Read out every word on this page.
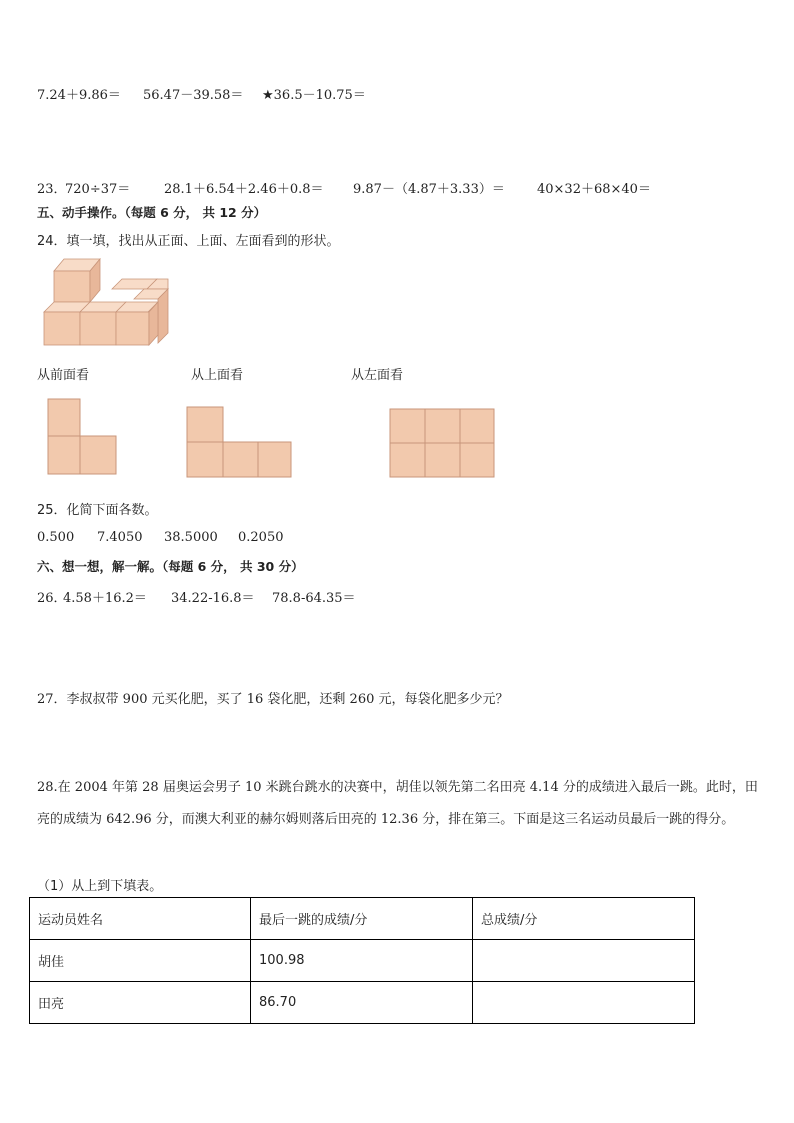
7.24＋9.86＝ 56.47－39.58＝ ★36.5－10.75＝
23．
720÷37＝	28.1＋6.54＋2.46＋0.8＝ 9.87－（4.87＋3.33）＝ 40×32＋68×40＝
五、动手操作。（每题 6 分， 共 12 分）
24．填一填，找出从正面、上面、左面看到的形状。
从前面看	从上面看	从左面看
25．化简下面各数。
0.500 7.4050 38.5000 0.2050
六、想一想，解一解。（每题 6 分， 共 30 分）
26．
4.58＋16.2＝ 34.22-16.8＝ 78.8-64.35＝
27．李叔叔带 900 元买化肥，买了 16 袋化肥，还剩 260 元，每袋化肥多少元？
28.在 2004 年第 28 届奥运会男子 10 米跳台跳水的决赛中，胡佳以领先第二名田亮 4.14 分的成绩进入最后一跳。此时，田亮的成绩为 642.96 分，而澳大利亚的赫尔姆则落后田亮的 12.36 分，排在第三。下面是这三名运动员最后一跳的得分。
（1）从上到下填表。
运动员姓名	最后一跳的成绩/分	总成绩/分
胡佳	100.98	
田亮	86.70	
